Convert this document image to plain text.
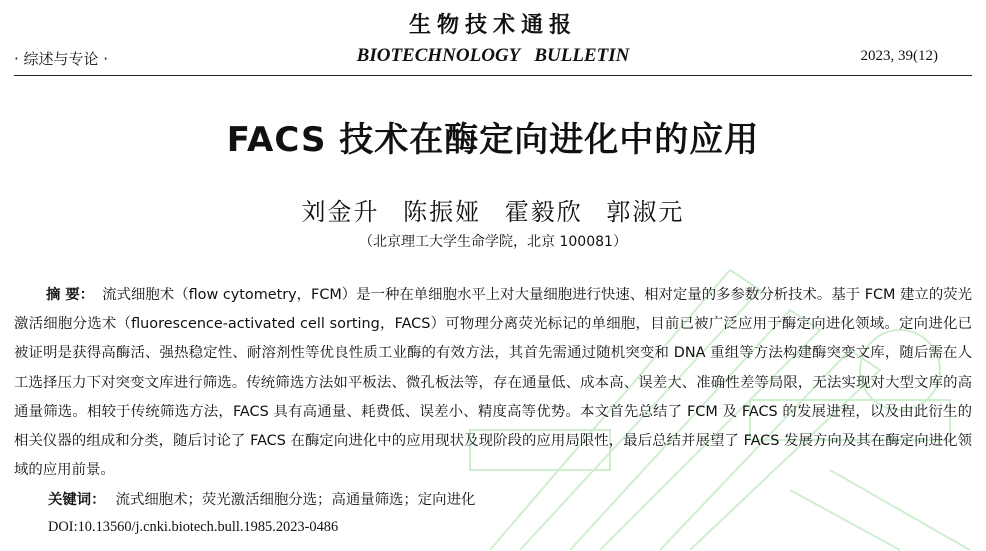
生物技术通报
BIOTECHNOLOGY BULLETIN
· 综述与专论 ·	2023, 39(12)
FACS 技术在酶定向进化中的应用
刘金升 陈振娅 霍毅欣 郭淑元
（北京理工大学生命学院，北京 100081）
摘 要： 流式细胞术（flow cytometry，FCM）是一种在单细胞水平上对大量细胞进行快速、相对定量的多参数分析技术。基于 FCM 建立的荧光激活细胞分选术（fluorescence-activated cell sorting，FACS）可物理分离荧光标记的单细胞，目前已被广泛应用于酶定向进化领域。定向进化已被证明是获得高酶活、强热稳定性、耐溶剂性等优良性质工业酶的有效方法，其首先需通过随机突变和 DNA 重组等方法构建酶突变文库，随后需在人工选择压力下对突变文库进行筛选。传统筛选方法如平板法、微孔板法等，存在通量低、成本高、误差大、准确性差等局限，无法实现对大型文库的高通量筛选。相较于传统筛选方法，FACS 具有高通量、耗费低、误差小、精度高等优势。本文首先总结了 FCM 及 FACS 的发展进程，以及由此衍生的相关仪器的组成和分类，随后讨论了 FACS 在酶定向进化中的应用现状及现阶段的应用局限性，最后总结并展望了 FACS 发展方向及其在酶定向进化领域的应用前景。
关键词： 流式细胞术；荧光激活细胞分选；高通量筛选；定向进化
DOI:10.13560/j.cnki.biotech.bull.1985.2023-0486
